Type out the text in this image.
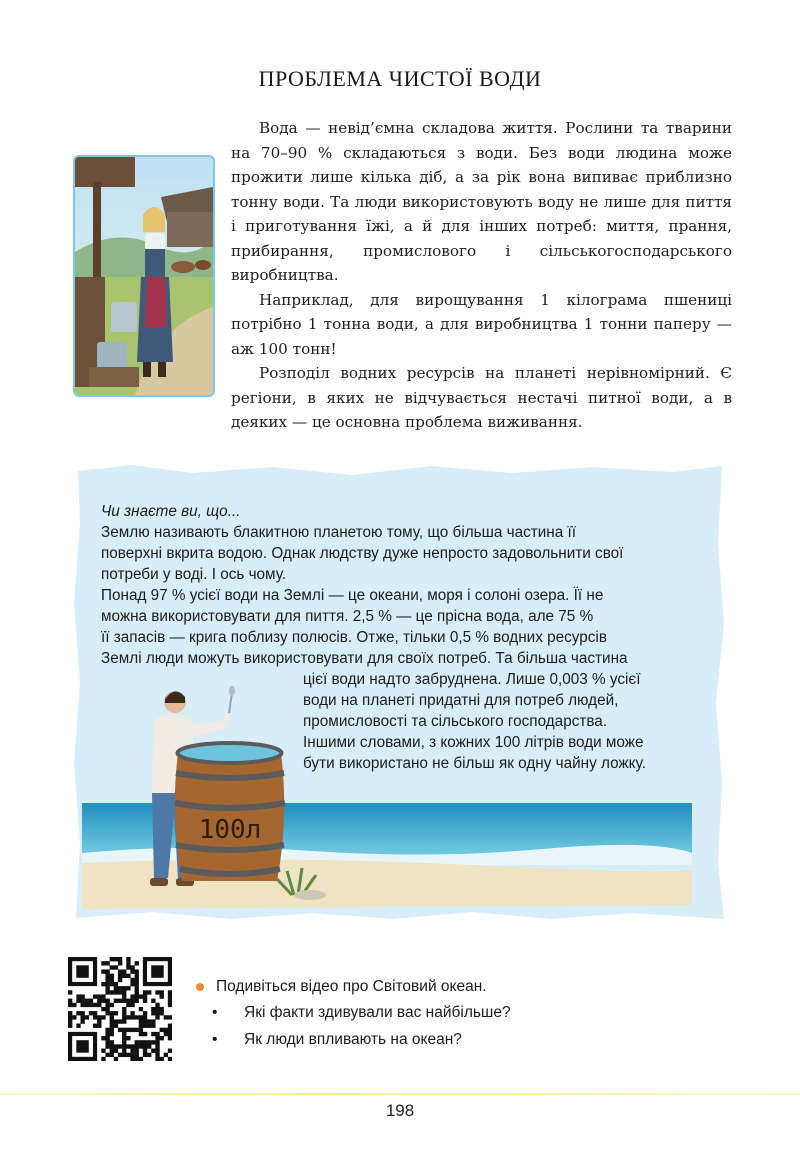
ПРОБЛЕМА ЧИСТОЇ ВОДИ

Вода — невід’ємна складова життя. Рослини та тварини на 70–90 % складаються з води. Без води людина може прожити лише кілька діб, а за рік вона випиває приблизно тонну води. Та люди використовують воду не лише для пиття і приготування їжі, а й для інших потреб: миття, прання, прибирання, промислового і сільськогосподарського виробництва.

Наприклад, для вирощування 1 кілограма пшениці потрібно 1 тонна води, а для виробництва 1 тонни паперу — аж 100 тонн!

Розподіл водних ресурсів на планеті нерівномірний. Є регіони, в яких не відчувається нестачі питної води, а в деяких — це основна проблема виживання.

Чи знаєте ви, що...

Землю називають блакитною планетою тому, що більша частина її

поверхні вкрита водою. Однак людству дуже непросто задовольнити свої

потреби у воді. І ось чому.

Понад 97 % усієї води на Землі — це океани, моря і солоні озера. Її не

можна використовувати для пиття. 2,5 % — це прісна вода, але 75 %

її запасів — крига поблизу полюсів. Отже, тільки 0,5 % водних ресурсів

Землі люди можуть використовувати для своїх потреб. Та більша частина

цієї води надто забруднена. Лише 0,003 % усієї

води на планеті придатні для потреб людей,

промисловості та сільського господарства.

Іншими словами, з кожних 100 літрів води може

бути використано не більш як одну чайну ложку.

100л
Подивіться відео про Світовий океан.
• Які факти здивували вас найбільше?
• Як люди впливають на океан?
198
